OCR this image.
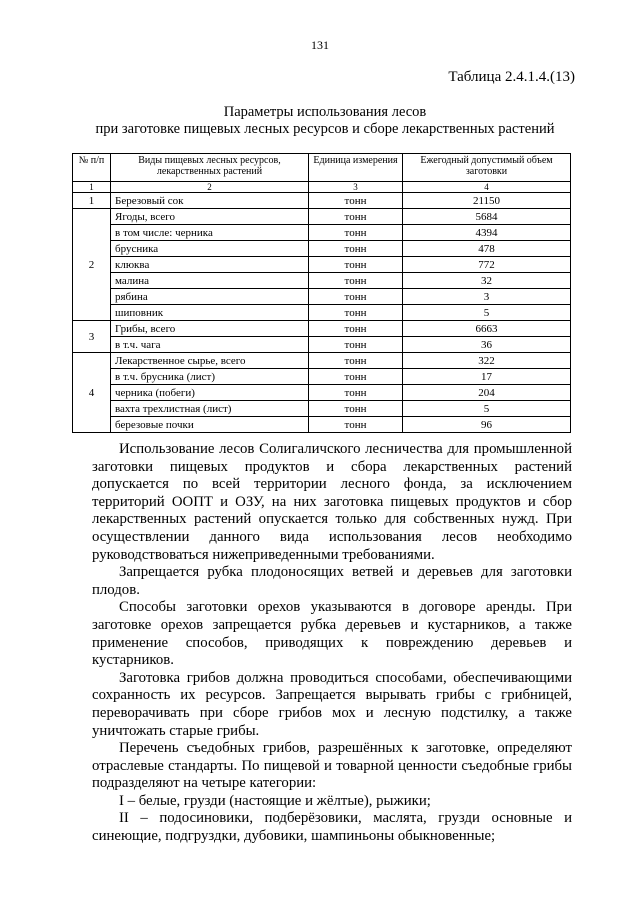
131
Таблица 2.4.1.4.(13)
Параметры использования лесов
при заготовке пищевых лесных ресурсов и сборе лекарственных растений
№ п/п	Виды пищевых лесных ресурсов, лекарственных растений	Единица измерения	Ежегодный допустимый объем заготовки
1	2	3	4
1	Березовый сок	тонн	21150
2	Ягоды, всего	тонн	5684
	в том числе: черника	тонн	4394
	брусника	тонн	478
	клюква	тонн	772
	малина	тонн	32
	рябина	тонн	3
	шиповник	тонн	5
3	Грибы, всего	тонн	6663
	в т.ч. чага	тонн	36
4	Лекарственное сырье, всего	тонн	322
	в т.ч. брусника (лист)	тонн	17
	черника (побеги)	тонн	204
	вахта трехлистная (лист)	тонн	5
	березовые почки	тонн	96

Использование лесов Солигаличского лесничества для промышленной заготовки пищевых продуктов и сбора лекарственных растений допускается по всей территории лесного фонда, за исключением территорий ООПТ и ОЗУ, на них заготовка пищевых продуктов и сбор лекарственных растений опускается только для собственных нужд. При осуществлении данного вида использования лесов необходимо руководствоваться нижеприведенными требованиями.

Запрещается рубка плодоносящих ветвей и деревьев для заготовки плодов.

Способы заготовки орехов указываются в договоре аренды. При заготовке орехов запрещается рубка деревьев и кустарников, а также применение способов, приводящих к повреждению деревьев и кустарников.

Заготовка грибов должна проводиться способами, обеспечивающими сохранность их ресурсов. Запрещается вырывать грибы с грибницей, переворачивать при сборе грибов мох и лесную подстилку, а также уничтожать старые грибы.

Перечень съедобных грибов, разрешённых к заготовке, определяют отраслевые стандарты. По пищевой и товарной ценности съедобные грибы подразделяют на четыре категории:

I – белые, грузди (настоящие и жёлтые), рыжики;

II – подосиновики, подберёзовики, маслята, грузди основные и синеющие, подгруздки, дубовики, шампиньоны обыкновенные;
